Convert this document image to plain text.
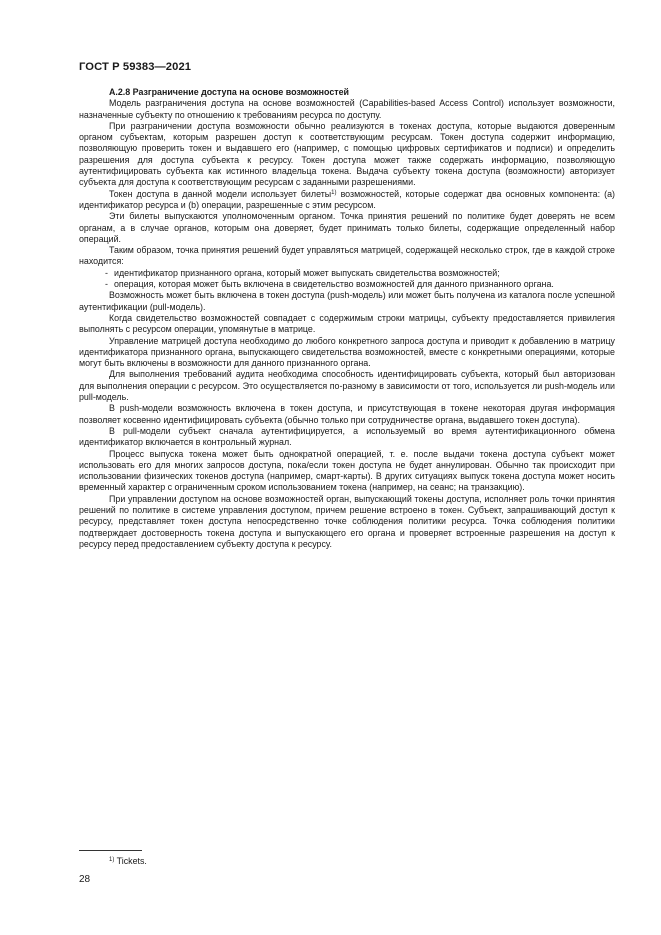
ГОСТ Р 59383—2021

А.2.8 Разграничение доступа на основе возможностей

Модель разграничения доступа на основе возможностей (Capabilities-based Access Control) использует возможности, назначенные субъекту по отношению к требованиям ресурса по доступу.

При разграничении доступа возможности обычно реализуются в токенах доступа, которые выдаются доверенным органом субъектам, которым разрешен доступ к соответствующим ресурсам. Токен доступа содержит информацию, позволяющую проверить токен и выдавшего его (например, с помощью цифровых сертификатов и подписи) и определить разрешения для доступа субъекта к ресурсу. Токен доступа может также содержать информацию, позволяющую аутентифицировать субъекта как истинного владельца токена. Выдача субъекту токена доступа (возможности) авторизует субъекта для доступа к соответствующим ресурсам с заданными разрешениями.

Токен доступа в данной модели использует билеты$^{1)}$ возможностей, которые содержат два основных компонента: (a) идентификатор ресурса и (b) операции, разрешенные с этим ресурсом.

Эти билеты выпускаются уполномоченным органом. Точка принятия решений по политике будет доверять не всем органам, а в случае органов, которым она доверяет, будет принимать только билеты, содержащие определенный набор операций.

Таким образом, точка принятия решений будет управляться матрицей, содержащей несколько строк, где в каждой строке находится:

- идентификатор признанного органа, который может выпускать свидетельства возможностей;

- операция, которая может быть включена в свидетельство возможностей для данного признанного органа.

Возможность может быть включена в токен доступа (push-модель) или может быть получена из каталога после успешной аутентификации (pull-модель).

Когда свидетельство возможностей совпадает с содержимым строки матрицы, субъекту предоставляется привилегия выполнять с ресурсом операции, упомянутые в матрице.

Управление матрицей доступа необходимо до любого конкретного запроса доступа и приводит к добавлению в матрицу идентификатора признанного органа, выпускающего свидетельства возможностей, вместе с конкретными операциями, которые могут быть включены в возможности для данного признанного органа.

Для выполнения требований аудита необходима способность идентифицировать субъекта, который был авторизован для выполнения операции с ресурсом. Это осуществляется по-разному в зависимости от того, используется ли push-модель или pull-модель.

В push-модели возможность включена в токен доступа, и присутствующая в токене некоторая другая информация позволяет косвенно идентифицировать субъекта (обычно только при сотрудничестве органа, выдавшего токен доступа).

В pull-модели субъект сначала аутентифицируется, а используемый во время аутентификационного обмена идентификатор включается в контрольный журнал.

Процесс выпуска токена может быть однократной операцией, т. е. после выдачи токена доступа субъект может использовать его для многих запросов доступа, пока/если токен доступа не будет аннулирован. Обычно так происходит при использовании физических токенов доступа (например, смарт-карты). В других ситуациях выпуск токена доступа может носить временный характер с ограниченным сроком использованием токена (например, на сеанс; на транзакцию).

При управлении доступом на основе возможностей орган, выпускающий токены доступа, исполняет роль точки принятия решений по политике в системе управления доступом, причем решение встроено в токен. Субъект, запрашивающий доступ к ресурсу, представляет токен доступа непосредственно точке соблюдения политики ресурса. Точка соблюдения политики подтверждает достоверность токена доступа и выпускающего его органа и проверяет встроенные разрешения на доступ к ресурсу перед предоставлением субъекту доступа к ресурсу.

$^{1)}$ Tickets.
28
